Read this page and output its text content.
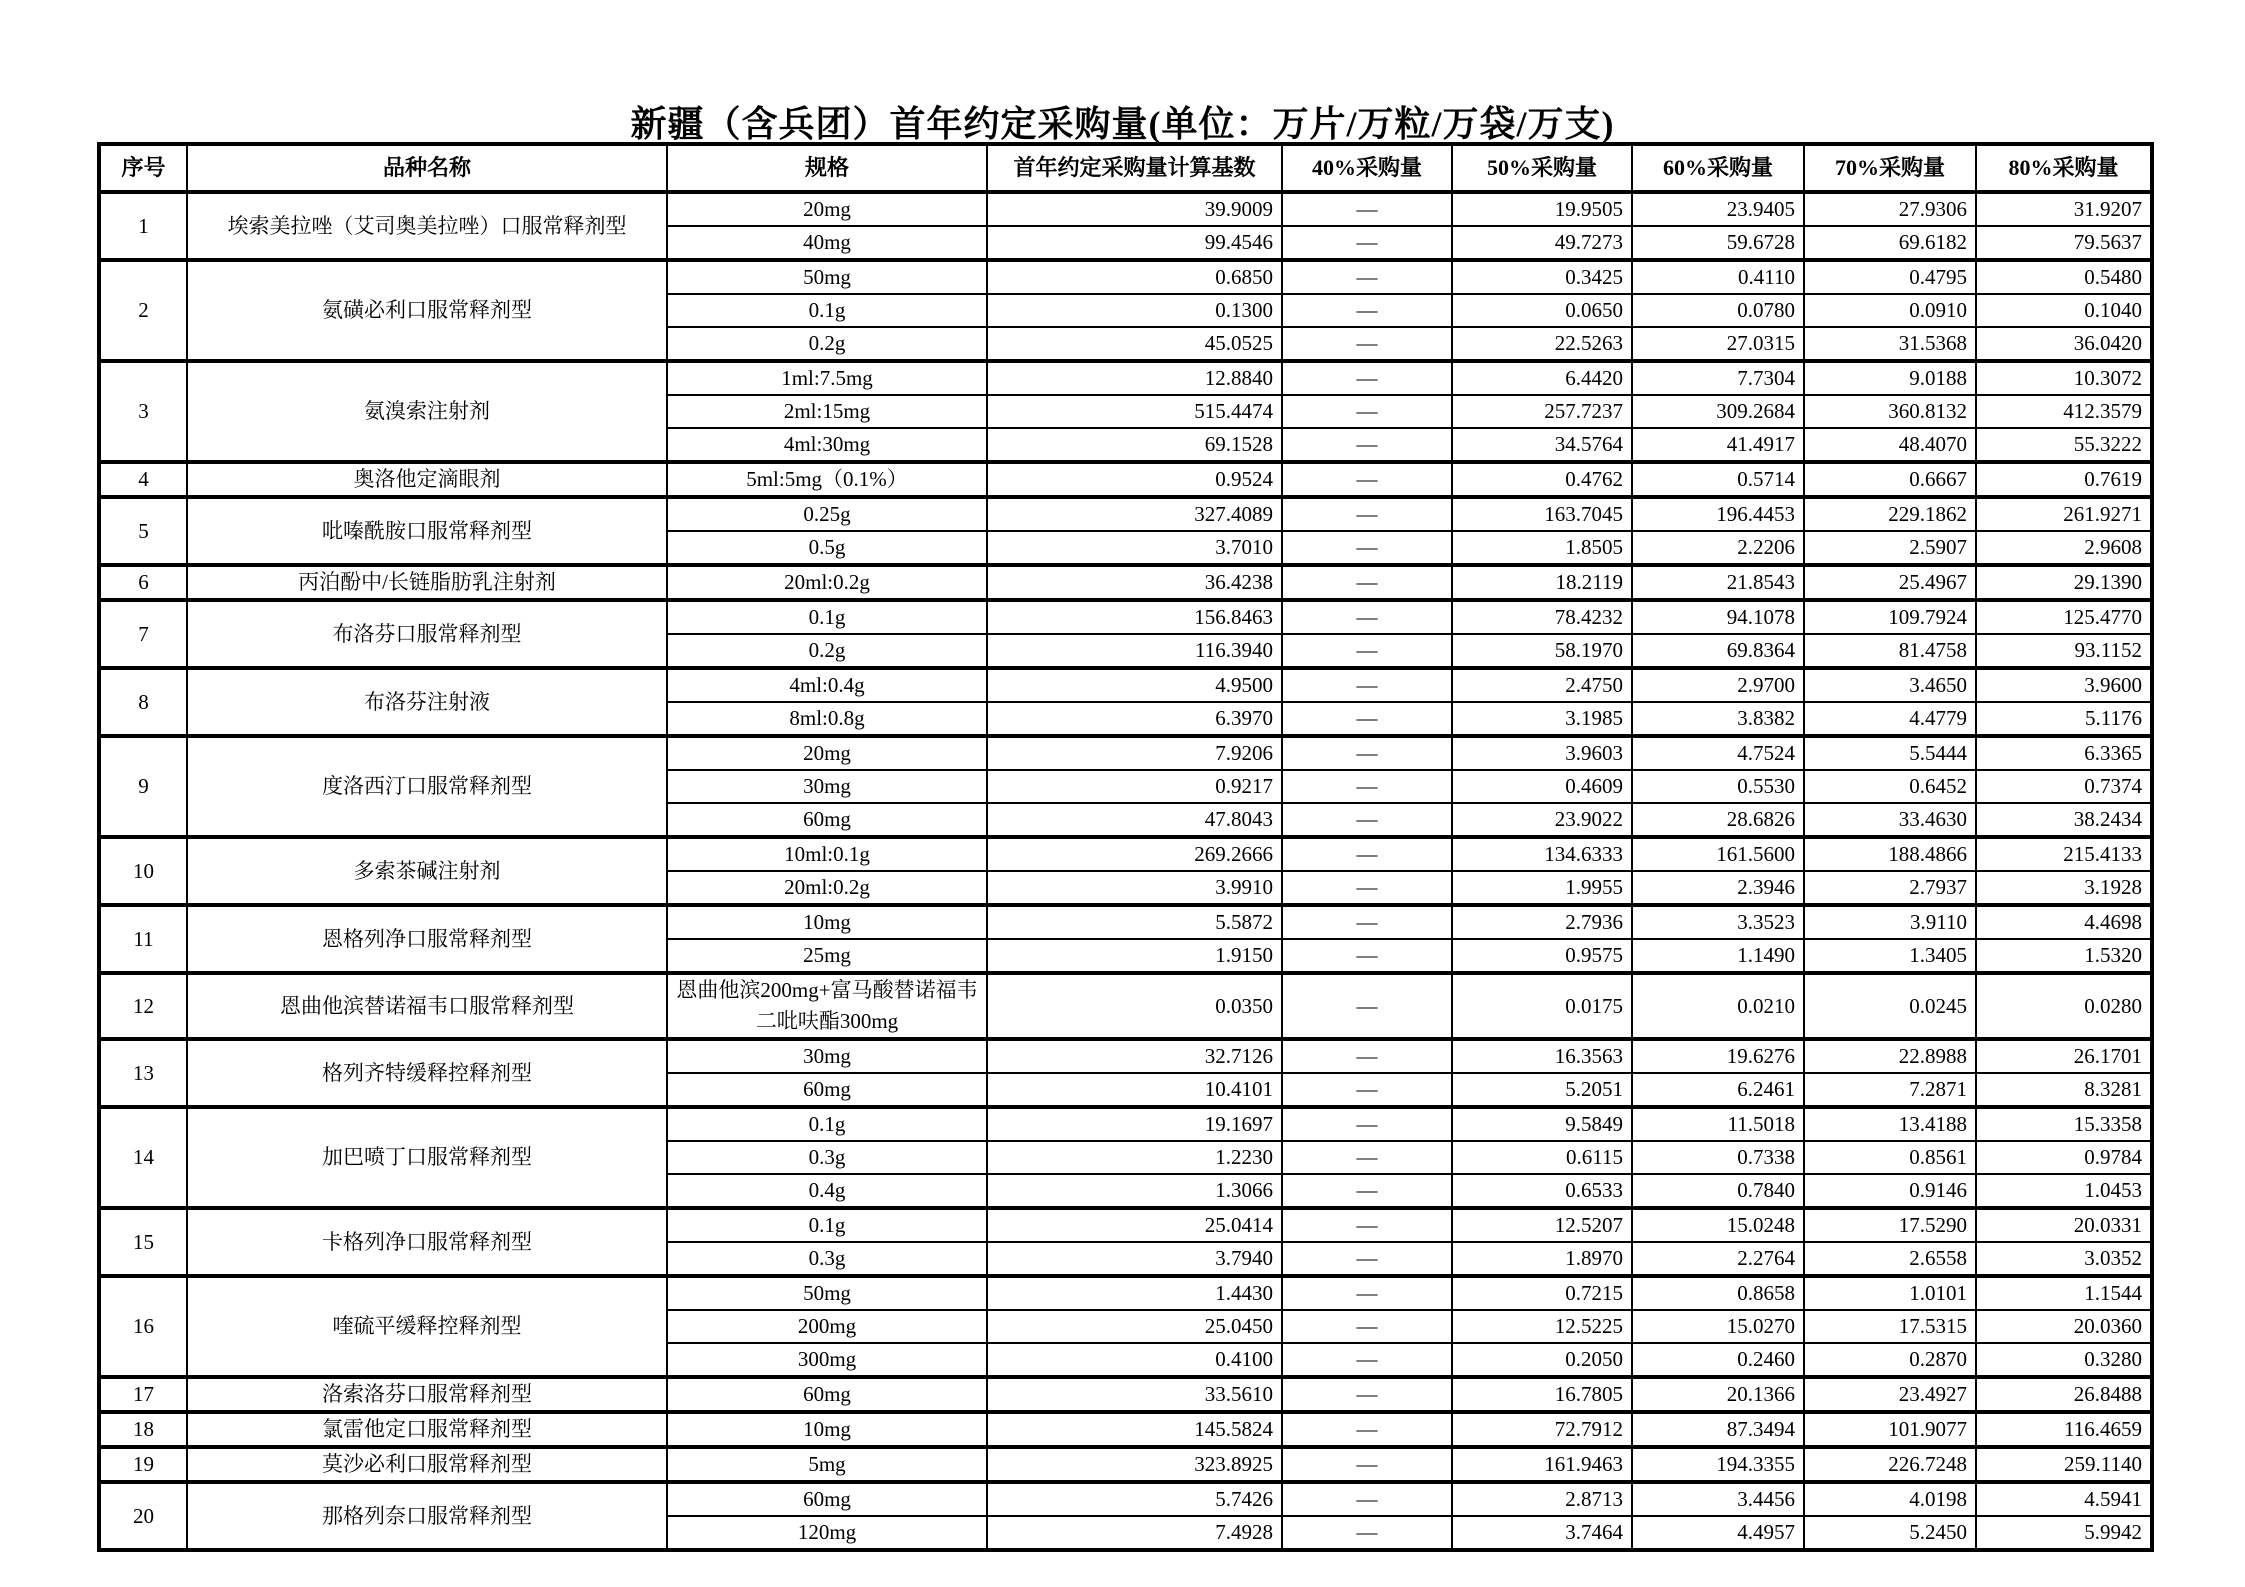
新疆（含兵团）首年约定采购量(单位：万片/万粒/万袋/万支)
序号	品种名称	规格	首年约定采购量计算基数	40%采购量	50%采购量	60%采购量	70%采购量	80%采购量
1	埃索美拉唑（艾司奥美拉唑）口服常释剂型	20mg	39.9009	—	19.9505	23.9405	27.9306	31.9207
		40mg	99.4546	—	49.7273	59.6728	69.6182	79.5637
2	氨磺必利口服常释剂型	50mg	0.6850	—	0.3425	0.4110	0.4795	0.5480
		0.1g	0.1300	—	0.0650	0.0780	0.0910	0.1040
		0.2g	45.0525	—	22.5263	27.0315	31.5368	36.0420
3	氨溴索注射剂	1ml:7.5mg	12.8840	—	6.4420	7.7304	9.0188	10.3072
		2ml:15mg	515.4474	—	257.7237	309.2684	360.8132	412.3579
		4ml:30mg	69.1528	—	34.5764	41.4917	48.4070	55.3222
4	奥洛他定滴眼剂	5ml:5mg（0.1%）	0.9524	—	0.4762	0.5714	0.6667	0.7619
5	吡嗪酰胺口服常释剂型	0.25g	327.4089	—	163.7045	196.4453	229.1862	261.9271
		0.5g	3.7010	—	1.8505	2.2206	2.5907	2.9608
6	丙泊酚中/长链脂肪乳注射剂	20ml:0.2g	36.4238	—	18.2119	21.8543	25.4967	29.1390
7	布洛芬口服常释剂型	0.1g	156.8463	—	78.4232	94.1078	109.7924	125.4770
		0.2g	116.3940	—	58.1970	69.8364	81.4758	93.1152
8	布洛芬注射液	4ml:0.4g	4.9500	—	2.4750	2.9700	3.4650	3.9600
		8ml:0.8g	6.3970	—	3.1985	3.8382	4.4779	5.1176
9	度洛西汀口服常释剂型	20mg	7.9206	—	3.9603	4.7524	5.5444	6.3365
		30mg	0.9217	—	0.4609	0.5530	0.6452	0.7374
		60mg	47.8043	—	23.9022	28.6826	33.4630	38.2434
10	多索茶碱注射剂	10ml:0.1g	269.2666	—	134.6333	161.5600	188.4866	215.4133
		20ml:0.2g	3.9910	—	1.9955	2.3946	2.7937	3.1928
11	恩格列净口服常释剂型	10mg	5.5872	—	2.7936	3.3523	3.9110	4.4698
		25mg	1.9150	—	0.9575	1.1490	1.3405	1.5320
12	恩曲他滨替诺福韦口服常释剂型	恩曲他滨200mg+富马酸替诺福韦二吡呋酯300mg	0.0350	—	0.0175	0.0210	0.0245	0.0280
13	格列齐特缓释控释剂型	30mg	32.7126	—	16.3563	19.6276	22.8988	26.1701
		60mg	10.4101	—	5.2051	6.2461	7.2871	8.3281
14	加巴喷丁口服常释剂型	0.1g	19.1697	—	9.5849	11.5018	13.4188	15.3358
		0.3g	1.2230	—	0.6115	0.7338	0.8561	0.9784
		0.4g	1.3066	—	0.6533	0.7840	0.9146	1.0453
15	卡格列净口服常释剂型	0.1g	25.0414	—	12.5207	15.0248	17.5290	20.0331
		0.3g	3.7940	—	1.8970	2.2764	2.6558	3.0352
16	喹硫平缓释控释剂型	50mg	1.4430	—	0.7215	0.8658	1.0101	1.1544
		200mg	25.0450	—	12.5225	15.0270	17.5315	20.0360
		300mg	0.4100	—	0.2050	0.2460	0.2870	0.3280
17	洛索洛芬口服常释剂型	60mg	33.5610	—	16.7805	20.1366	23.4927	26.8488
18	氯雷他定口服常释剂型	10mg	145.5824	—	72.7912	87.3494	101.9077	116.4659
19	莫沙必利口服常释剂型	5mg	323.8925	—	161.9463	194.3355	226.7248	259.1140
20	那格列奈口服常释剂型	60mg	5.7426	—	2.8713	3.4456	4.0198	4.5941
		120mg	7.4928	—	3.7464	4.4957	5.2450	5.9942
